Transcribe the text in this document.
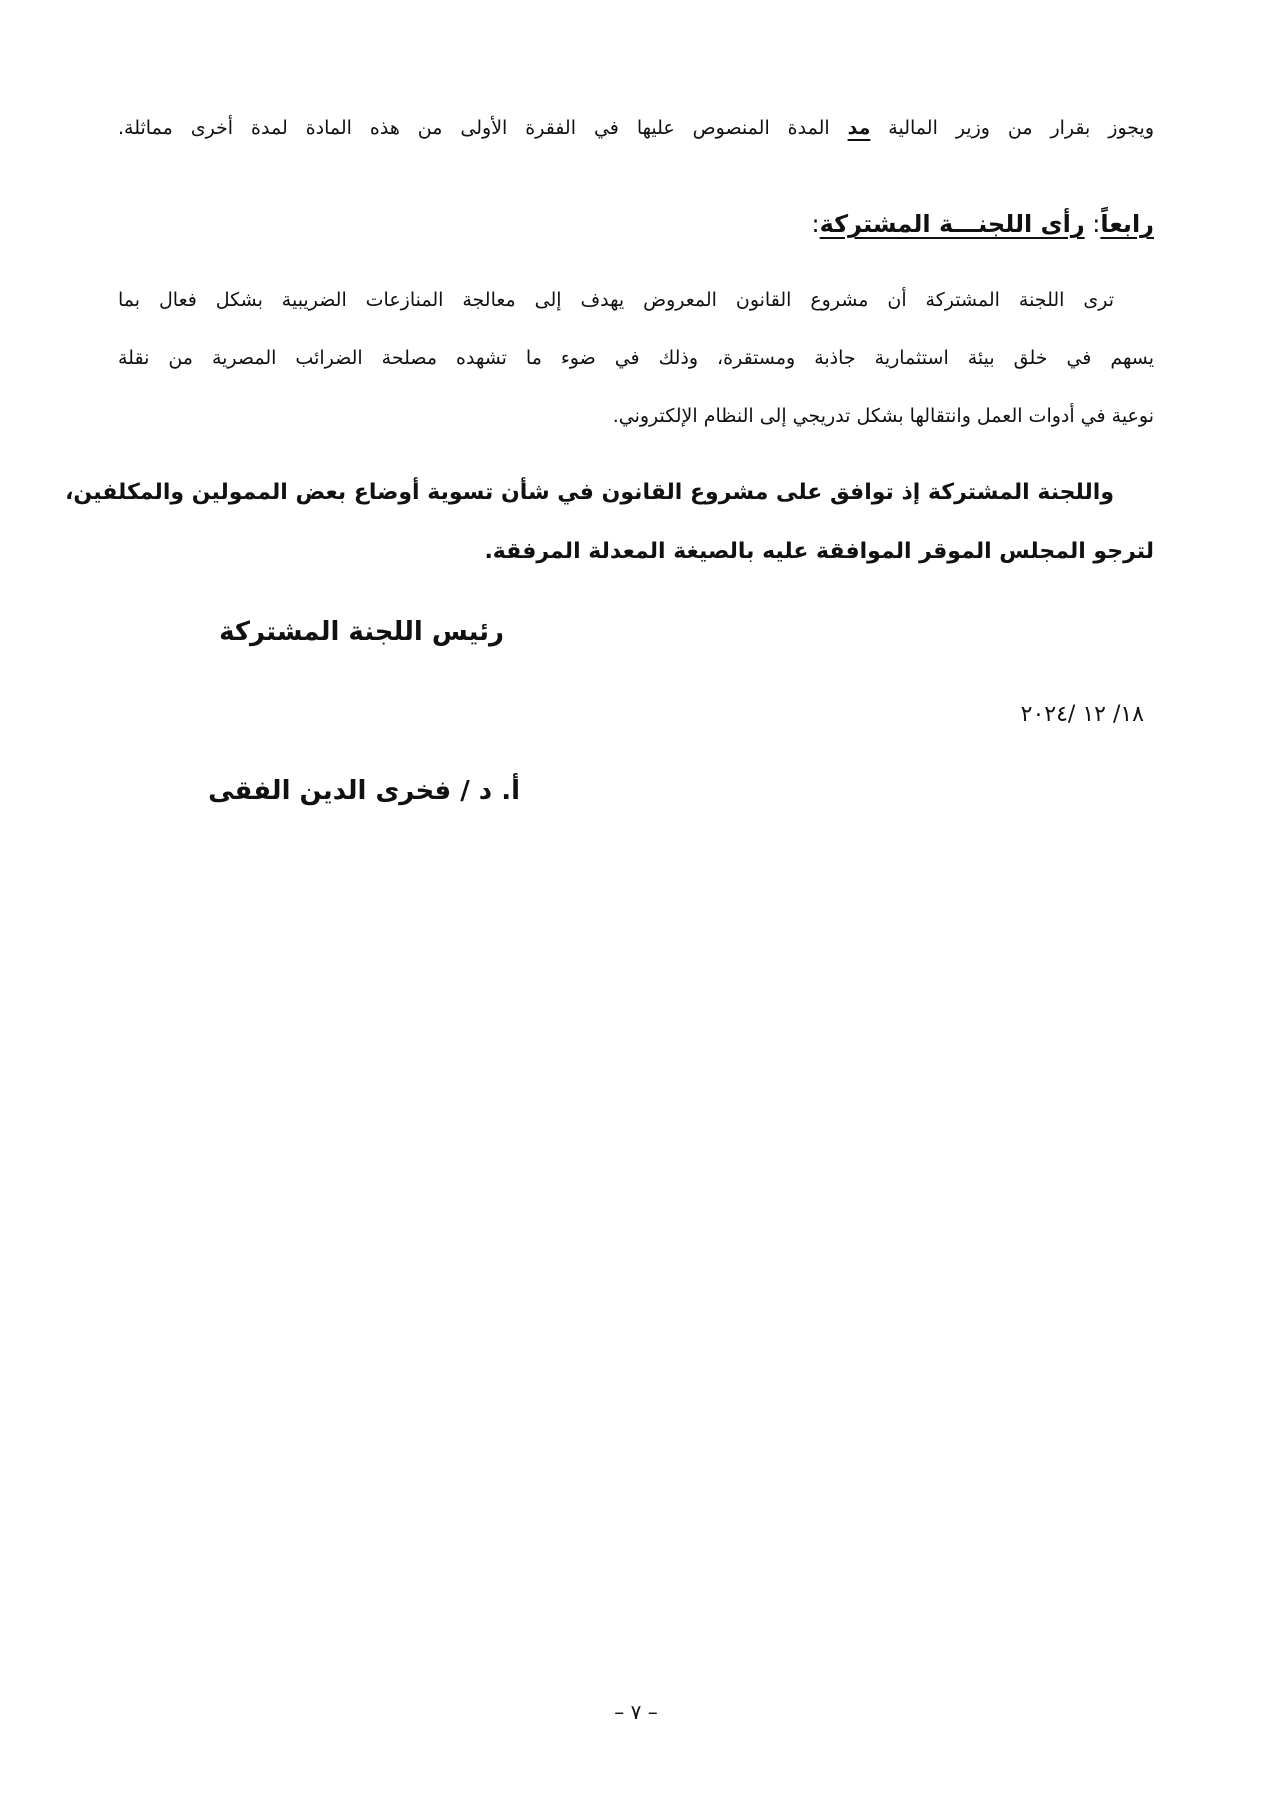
ويجوز بقرار من وزير المالية مد المدة المنصوص عليها في الفقرة الأولى من هذه المادة لمدة أخرى مماثلة.
رابعاً: رأى اللجنـــة المشتركة:
ترى اللجنة المشتركة أن مشروع القانون المعروض يهدف إلى معالجة المنازعات الضريبية بشكل فعال بما
يسهم في خلق بيئة استثمارية جاذبة ومستقرة، وذلك في ضوء ما تشهده مصلحة الضرائب المصرية من نقلة
نوعية في أدوات العمل وانتقالها بشكل تدريجي إلى النظام الإلكتروني.
واللجنة المشتركة إذ توافق على مشروع القانون في شأن تسوية أوضاع بعض الممولين والمكلفين،
لترجو المجلس الموقر الموافقة عليه بالصيغة المعدلة المرفقة.
رئيس اللجنة المشتركة
١٨/ ١٢ /٢٠٢٤
أ. د / فخرى الدين الفقى
– ٧ –
